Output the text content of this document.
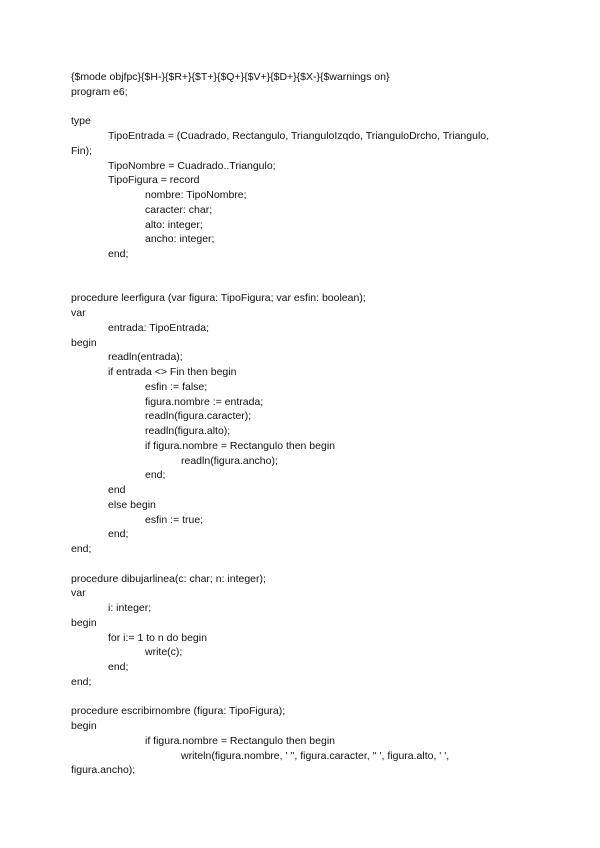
{$mode objfpc}{$H-}{$R+}{$T+}{$Q+}{$V+}{$D+}{$X-}{$warnings on}
program e6;
type
TipoEntrada = (Cuadrado, Rectangulo, TrianguloIzqdo, TrianguloDrcho, Triangulo,
Fin);
TipoNombre = Cuadrado..Triangulo;
TipoFigura = record
nombre: TipoNombre;
caracter: char;
alto: integer;
ancho: integer;
end;
procedure leerfigura (var figura: TipoFigura; var esfin: boolean);
var
entrada: TipoEntrada;
begin
readln(entrada);
if entrada <> Fin then begin
esfin := false;
figura.nombre := entrada;
readln(figura.caracter);
readln(figura.alto);
if figura.nombre = Rectangulo then begin
readln(figura.ancho);
end;
end
else begin
esfin := true;
end;
end;
procedure dibujarlinea(c: char; n: integer);
var
i: integer;
begin
for i:= 1 to n do begin
write(c);
end;
end;
procedure escribirnombre (figura: TipoFigura);
begin
if figura.nombre = Rectangulo then begin
writeln(figura.nombre, ' '', figura.caracter, '' ', figura.alto, ' ',
figura.ancho);
